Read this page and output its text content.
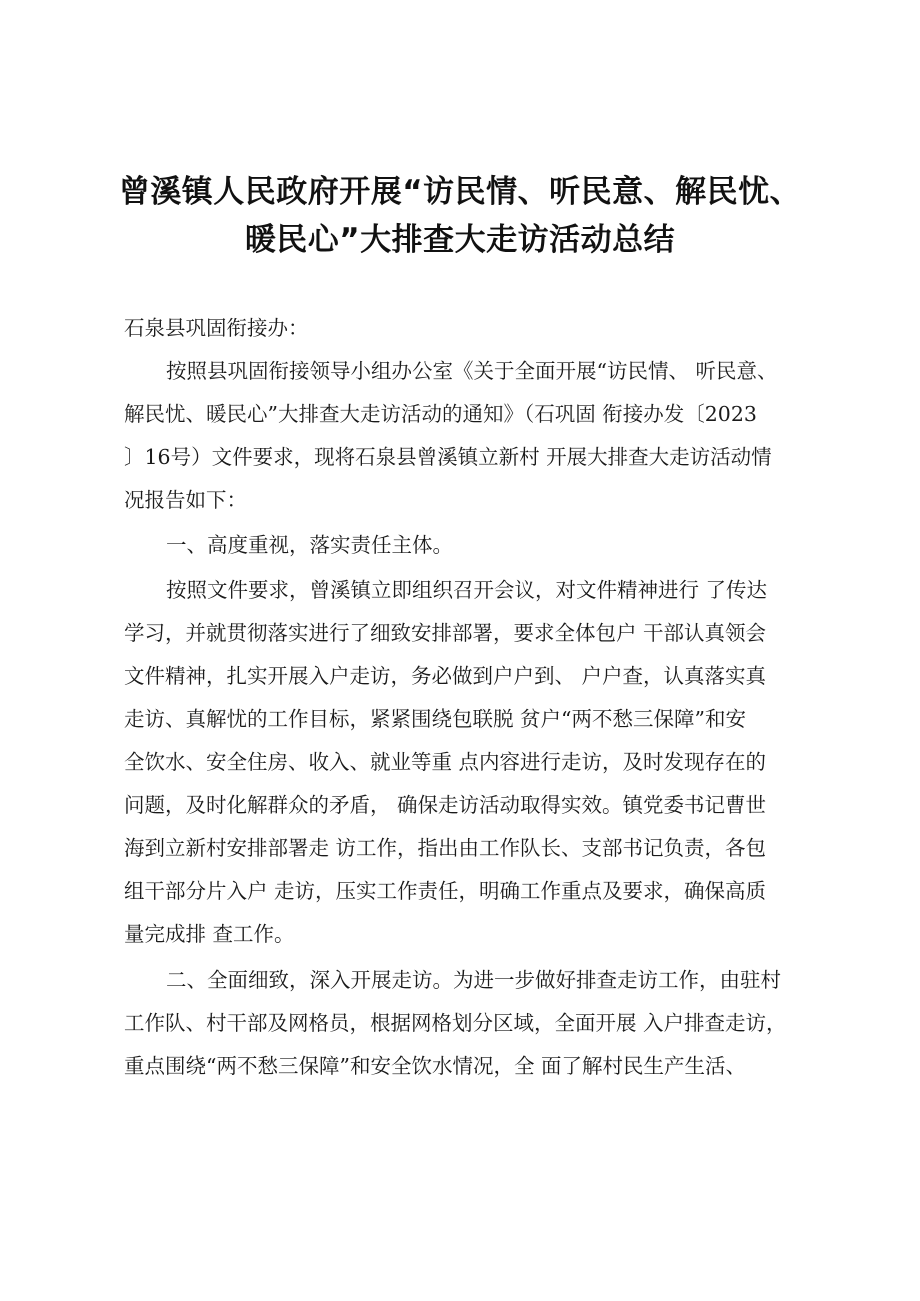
曾溪镇人民政府开展“访民情、听民意、解民忧、
暖民心”大排查大走访活动总结
石泉县巩固衔接办：
按照县巩固衔接领导小组办公室《关于全面开展“访民情、 听民意、
解民忧、暖民心”大排查大走访活动的通知》（石巩固 衔接办发〔2023
〕16号）文件要求，现将石泉县曾溪镇立新村 开展大排查大走访活动情
况报告如下：
一、高度重视，落实责任主体。
按照文件要求，曾溪镇立即组织召开会议，对文件精神进行 了传达
学习，并就贯彻落实进行了细致安排部署，要求全体包户 干部认真领会
文件精神，扎实开展入户走访，务必做到户户到、 户户查，认真落实真
走访、真解忧的工作目标，紧紧围绕包联脱 贫户“两不愁三保障”和安
全饮水、安全住房、收入、就业等重 点内容进行走访，及时发现存在的
问题，及时化解群众的矛盾， 确保走访活动取得实效。镇党委书记曹世
海到立新村安排部署走 访工作，指出由工作队长、支部书记负责，各包
组干部分片入户 走访，压实工作责任，明确工作重点及要求，确保高质
量完成排 查工作。
二、全面细致，深入开展走访。为进一步做好排查走访工作，由驻村
工作队、村干部及网格员，根据网格划分区域，全面开展 入户排查走访，
重点围绕“两不愁三保障”和安全饮水情况，全 面了解村民生产生活、
